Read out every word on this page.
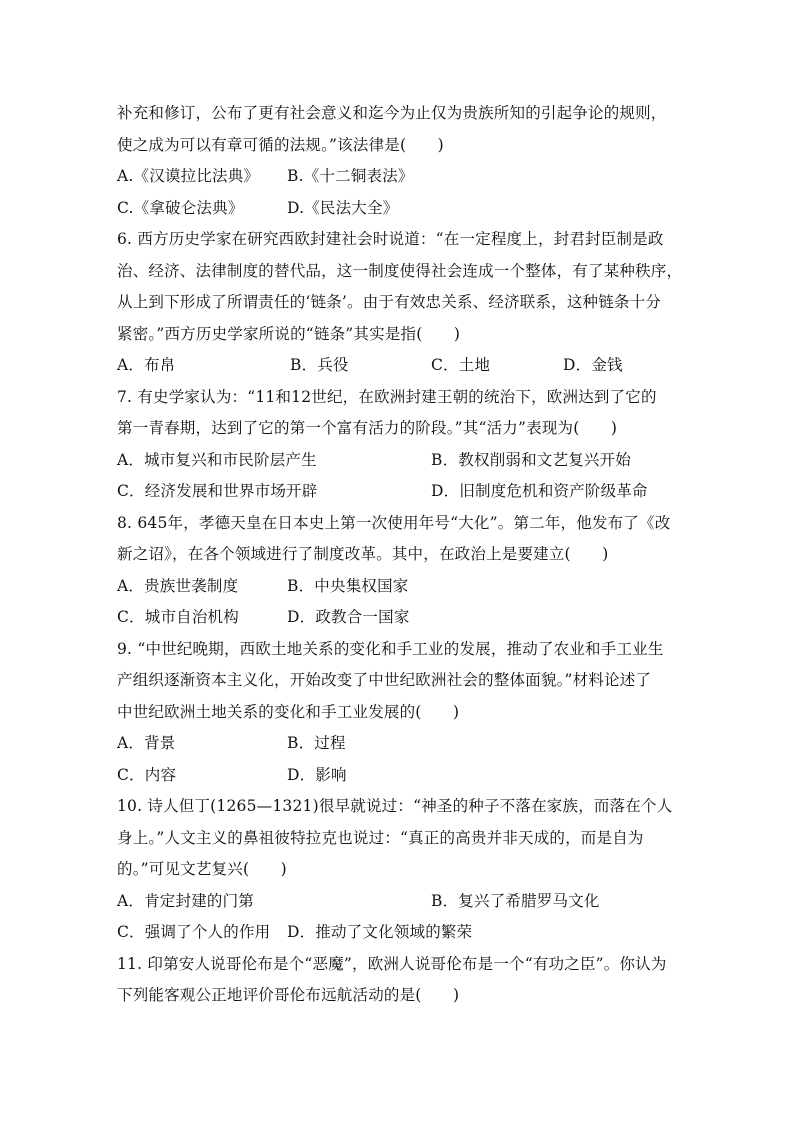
补充和修订，公布了更有社会意义和迄今为止仅为贵族所知的引起争论的规则，
使之成为可以有章可循的法规。”该法律是(　　)
A.《汉谟拉比法典》 B.《十二铜表法》
C.《拿破仑法典》	D.《民法大全》
6. 西方历史学家在研究西欧封建社会时说道：“在一定程度上，封君封臣制是政
治、经济、法律制度的替代品，这一制度使得社会连成一个整体，有了某种秩序，
从上到下形成了所谓责任的‘链条’。由于有效忠关系、经济联系，这种链条十分
紧密。”西方历史学家所说的“链条”其实是指(　　)
A．布帛	B．兵役	C．土地	D．金钱
7. 有史学家认为：“11和12世纪，在欧洲封建王朝的统治下，欧洲达到了它的
第一青春期，达到了它的第一个富有活力的阶段。”其“活力”表现为(　　)
A．城市复兴和市民阶层产生	B．教权削弱和文艺复兴开始
C．经济发展和世界市场开辟	D．旧制度危机和资产阶级革命
8. 645年，孝德天皇在日本史上第一次使用年号“大化”。第二年，他发布了《改
新之诏》，在各个领域进行了制度改革。其中，在政治上是要建立(　　)
A．贵族世袭制度	B．中央集权国家
C．城市自治机构	D．政教合一国家
9. “中世纪晚期，西欧土地关系的变化和手工业的发展，推动了农业和手工业生
产组织逐渐资本主义化，开始改变了中世纪欧洲社会的整体面貌。”材料论述了
中世纪欧洲土地关系的变化和手工业发展的(　　)
A．背景	B．过程
C．内容	D．影响
10. 诗人但丁(1265—1321)很早就说过：“神圣的种子不落在家族，而落在个人
身上。”人文主义的鼻祖彼特拉克也说过：“真正的高贵并非天成的，而是自为
的。”可见文艺复兴(　　)
A．肯定封建的门第	B．复兴了希腊罗马文化
C．强调了个人的作用 D．推动了文化领域的繁荣
11. 印第安人说哥伦布是个“恶魔”，欧洲人说哥伦布是一个“有功之臣”。你认为
下列能客观公正地评价哥伦布远航活动的是(　　)
